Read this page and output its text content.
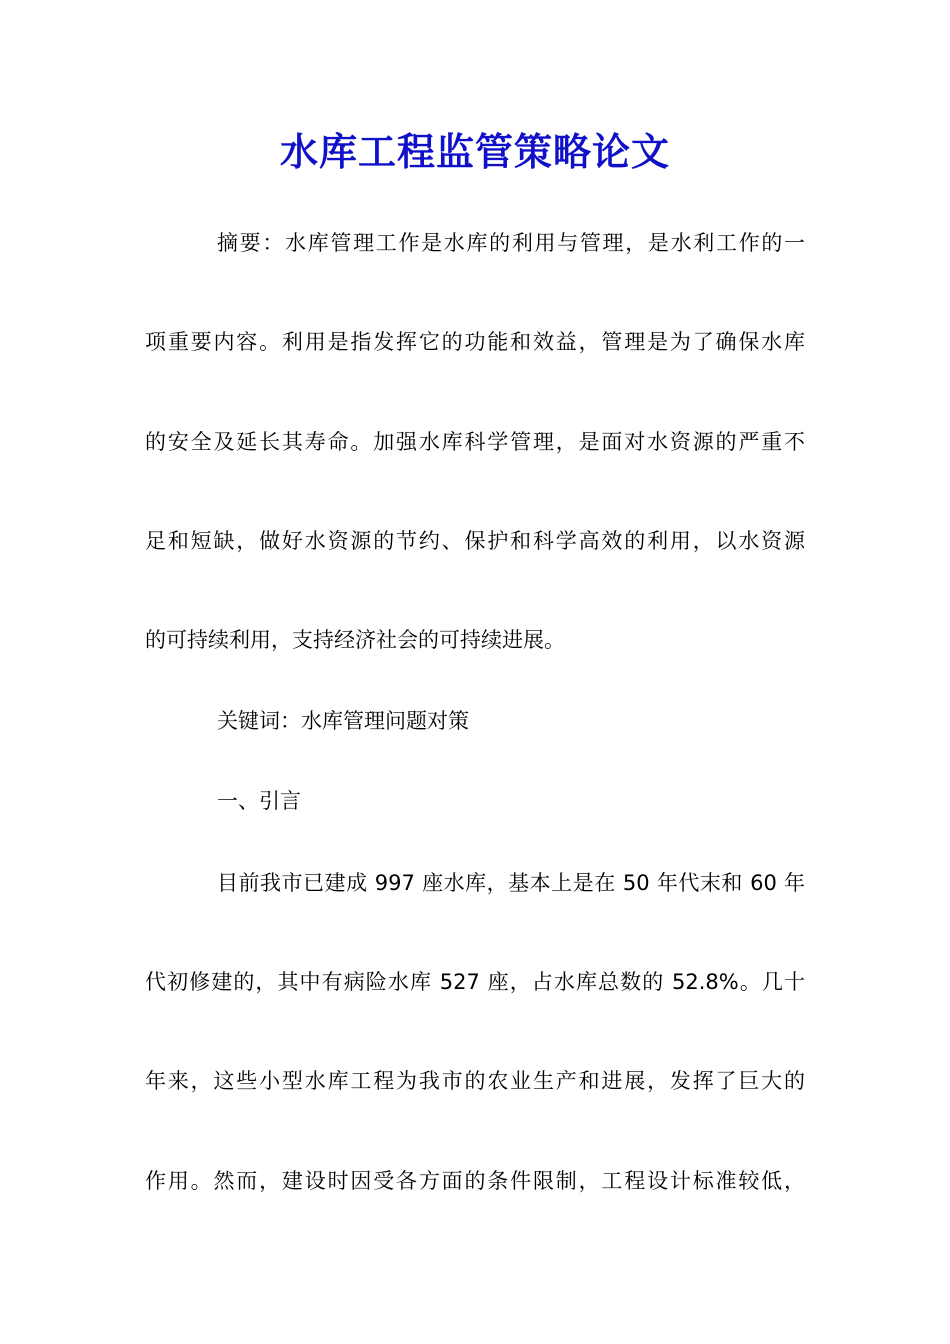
水库工程监管策略论文
摘要：水库管理工作是水库的利用与管理，是水利工作的一
项重要内容。利用是指发挥它的功能和效益，管理是为了确保水库
的安全及延长其寿命。加强水库科学管理，是面对水资源的严重不
足和短缺，做好水资源的节约、保护和科学高效的利用，以水资源
的可持续利用，支持经济社会的可持续进展。
关键词：水库管理问题对策
一、引言
目前我市已建成 997 座水库，基本上是在 50 年代末和 60 年
代初修建的，其中有病险水库 527 座，占水库总数的 52.8%。几十
年来，这些小型水库工程为我市的农业生产和进展，发挥了巨大的
作用。然而，建设时因受各方面的条件限制，工程设计标准较低，
